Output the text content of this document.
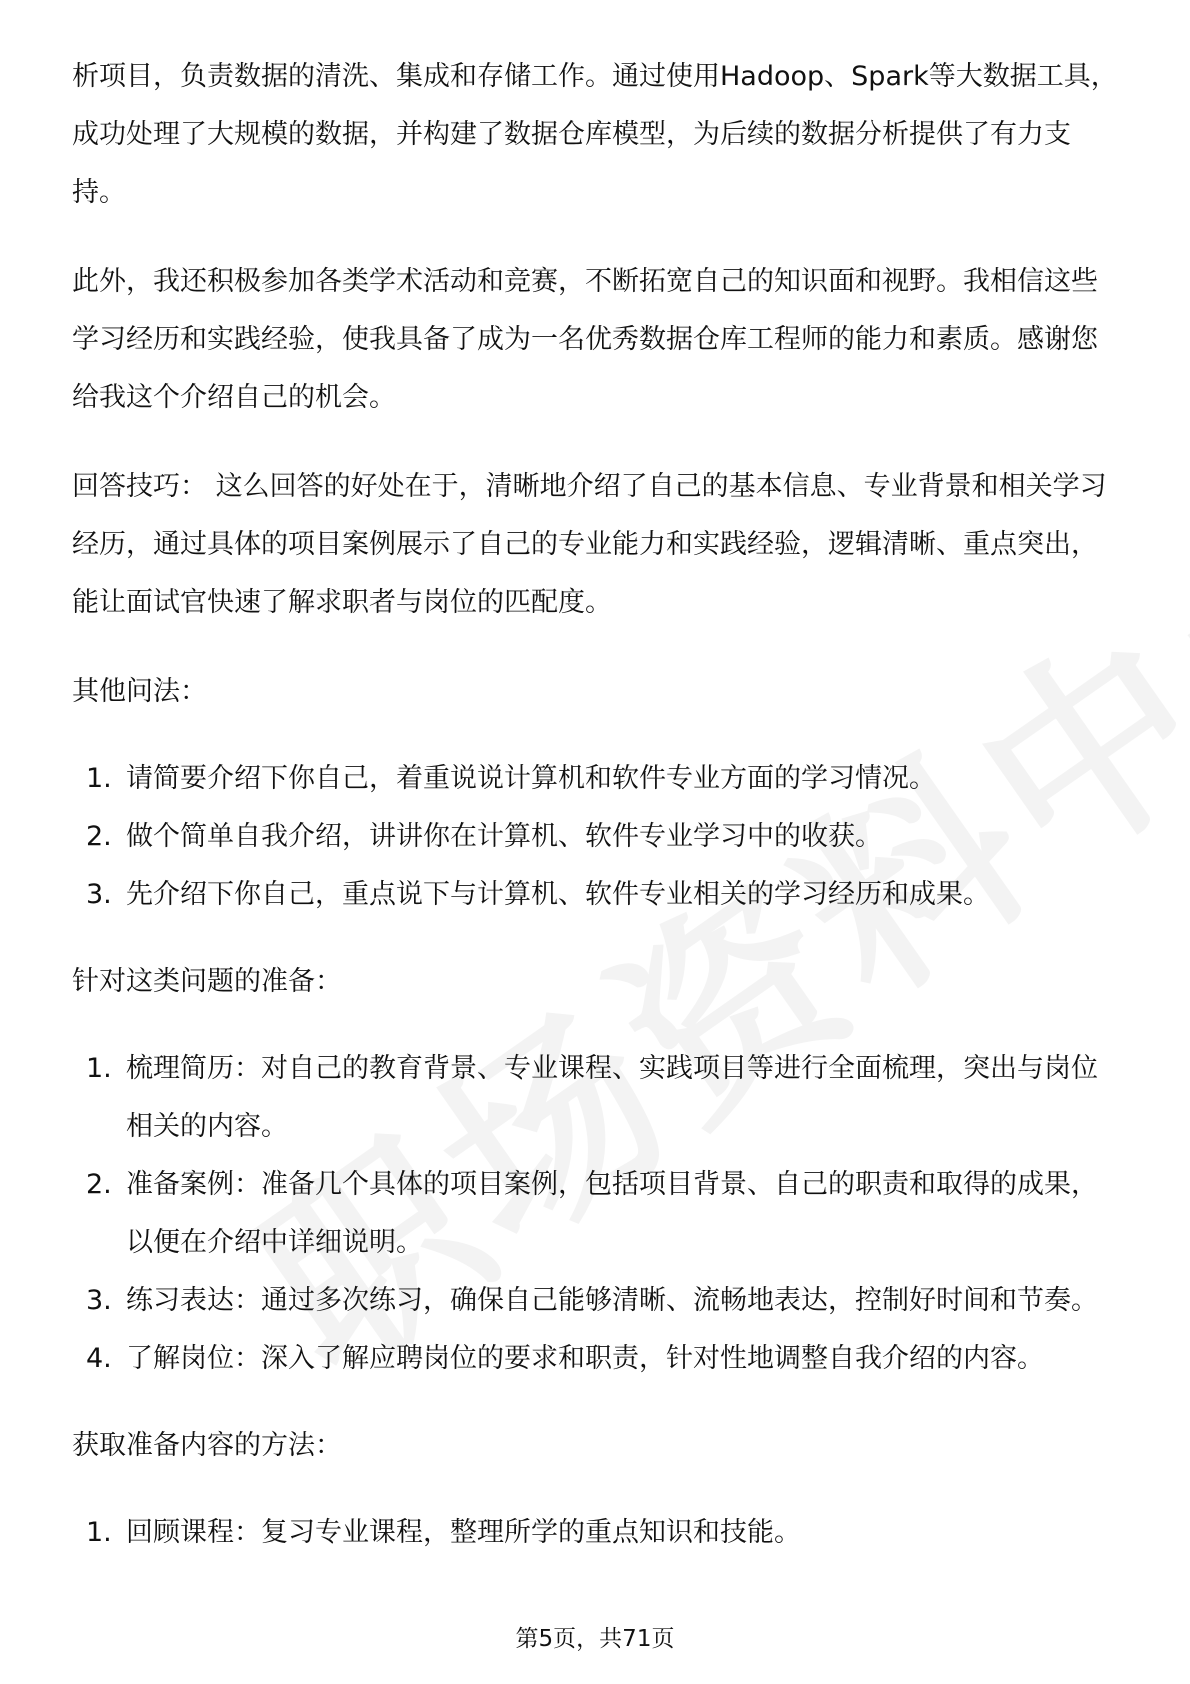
析项目，负责数据的清洗、集成和存储工作。通过使用Hadoop、Spark等大数据工具，成功处理了大规模的数据，并构建了数据仓库模型，为后续的数据分析提供了有力支持。

此外，我还积极参加各类学术活动和竞赛，不断拓宽自己的知识面和视野。我相信这些学习经历和实践经验，使我具备了成为一名优秀数据仓库工程师的能力和素质。感谢您给我这个介绍自己的机会。

回答技巧： 这么回答的好处在于，清晰地介绍了自己的基本信息、专业背景和相关学习经历，通过具体的项目案例展示了自己的专业能力和实践经验，逻辑清晰、重点突出，能让面试官快速了解求职者与岗位的匹配度。

其他问法：

1. 请简要介绍下你自己，着重说说计算机和软件专业方面的学习情况。
2. 做个简单自我介绍，讲讲你在计算机、软件专业学习中的收获。
3. 先介绍下你自己，重点说下与计算机、软件专业相关的学习经历和成果。

针对这类问题的准备：

1. 梳理简历：对自己的教育背景、专业课程、实践项目等进行全面梳理，突出与岗位相关的内容。
2. 准备案例：准备几个具体的项目案例，包括项目背景、自己的职责和取得的成果，以便在介绍中详细说明。
3. 练习表达：通过多次练习，确保自己能够清晰、流畅地表达，控制好时间和节奏。
4. 了解岗位：深入了解应聘岗位的要求和职责，针对性地调整自我介绍的内容。

获取准备内容的方法：

1. 回顾课程：复习专业课程，整理所学的重点知识和技能。
第5页，共71页
